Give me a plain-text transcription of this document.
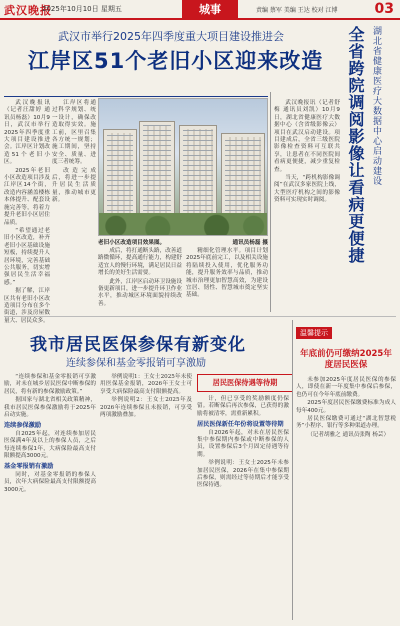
武汉晚报
2025年10月10日 星期五	城事	责编 蔡军 美编 王达 校对 江博	03
武汉市举行2025年四季度重大项目建设推进会
江岸区51个老旧小区迎来改造

武汉晚报讯（记者汪甜婷 通讯员杨磊）10月9日，武汉市举行2025年四季度重大项目建设推进会。江岸区计划改造51个老旧小区。

2025年老旧小区改造项目涉及江岸区14个街，改造内容涵盖楼栋本体提升、配套设施完善等，将着力提升老旧小区居住品质。

“希望通过老旧小区改造，补齐老旧小区基础设施短板，持续提升人居环境，完善基础公共服务，切实增强居民生活幸福感。”

据了解，江岸区共有老旧小区改造项目分布在多个街道，涉及房屋数量大、居民众多。

江岸区将通过科学规划、统一设计，确保改造取得实效。施工前，区里召集各方统一规划；施工期间，坚持安全、质量、进度三者统筹。

改造完成后，将进一步提升居民生活质量，推动城市更新。

老旧小区改造项目效果图。	通讯员杨磊 摄

成后，将打通断头路，改善道路微循环，提高通行能力，构建舒适宜人的慢行环境，满足居民日益增长的美好生活需要。

此外，江岸区启动环卫设施设备更新项目，进一步提升环卫作业水平，推动城区环境面貌持续改善。

精细化管理水平。项目计划2025年底前完工，以及相关设施将陆续投入使用，优化服务功能，提升服务效率与品质，推动城市治理更加智慧高效，为建设宜居、韧性、智慧城市奠定坚实基础。

湖北省健康医疗大数据中心启动建设
全省跨院调阅影像让看病更便捷

武汉晚报讯（记者舒梅 通讯员刘凯）10月9日，湖北省健康医疗大数据中心（含省级影像云）项目在武汉启动建设。项目建成后，全省三级医院影像检查资料可互联共享，让患者在不同医院间看病更便捷，减少重复检查。

当天，“跨机构影像调阅”在武汉多家医院上线，大型医疗机构之间的影像资料可实现实时调阅。

我市居民医保参保有新变化
连续参保和基金零报销可享激励

“连续参保和基金零报销可享激励，对未在城乡居民医保中断参保的居民，将有新的参保激励政策。”

据国家与湖北省相关政策精神，我市居民医保参保激励将于2025年启动实施。

连续参保激励

自2025年起，对连续参加居民医保满4年及以上的参保人员，之后每连续参保1年，大病保险最高支付限额提高3000元。

基金零报销有激励

同时，对基金零报销的参保人员，次年大病保险最高支付限额提高3000元。

举例说明1：王女士2025年未使用医保基金报销，2026年王女士可享受大病保险最高支付限额提高。

举例说明2：王女士2025年及2026年连续参保且未报销，可享受两项激励叠加。

居民医保待遇等待期

计，但已享受的奖励额度仍保留。若断保后再次参保，已获得的激励将被清零，需重新累积。

居民医保新任年份将设置等待期

自2026年起，对未在居民医保集中参保期内参保或中断参保的人员，设置参保后3个月固定待遇等待期。

举例说明：王女士2025年未参加居民医保，2026年在集中参保期后参保，则需经过等待期后才能享受医保待遇。

温馨提示
年底前仍可缴纳2025年度居民医保

未参加2025年度居民医保的参保人，即使在新一年度集中参保后参保，也仍可在今年年底前缴费。

2025年度居民医保缴费标准为成人每年400元。

居民医保缴费可通过“湖北智慧税务”小程序、银行等多种渠道办理。

（记者胡雅之 通讯员张陶 杨芸）
